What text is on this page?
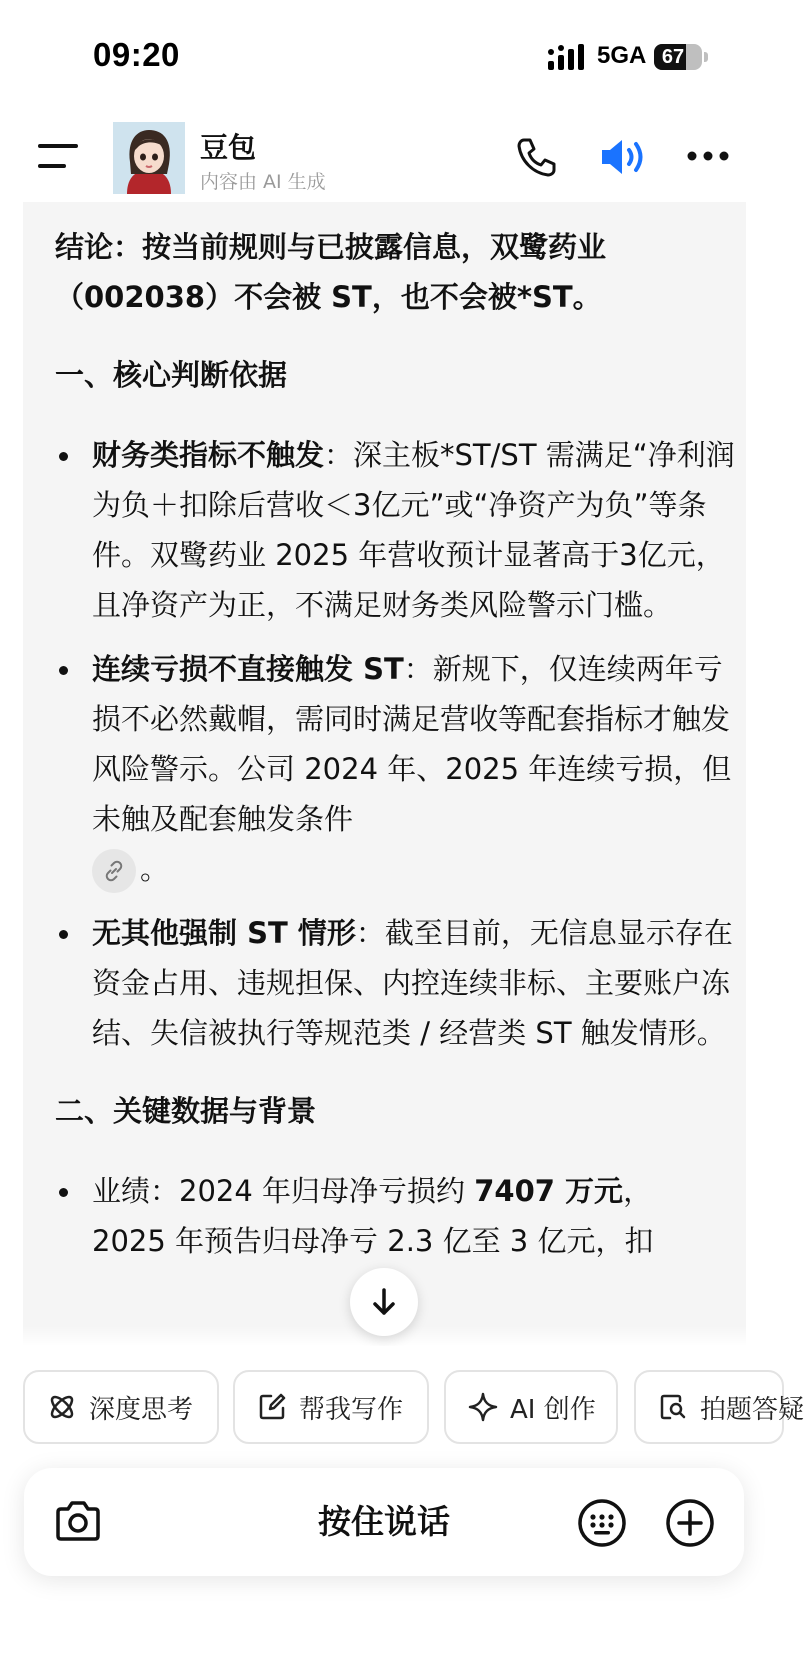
09:20	5GA 67
豆包
内容由 AI 生成

结论：按当前规则与已披露信息，双鹭药业（002038）不会被 ST，也不会被*ST。

一、核心判断依据

财务类指标不触发：深主板*ST/ST 需满足“净利润为负＋扣除后营收＜3亿元”或“净资产为负”等条件。双鹭药业 2025 年营收预计显著高于3亿元，且净资产为正，不满足财务类风险警示门槛。
连续亏损不直接触发 ST：新规下，仅连续两年亏损不必然戴帽，需同时满足营收等配套指标才触发风险警示。公司 2024 年、2025 年连续亏损，但未触及配套触发条件

。
无其他强制 ST 情形：截至目前，无信息显示存在资金占用、违规担保、内控连续非标、主要账户冻结、失信被执行等规范类 / 经营类 ST 触发情形。

二、关键数据与背景

业绩：2024 年归母净亏损约 7407 万元，
2025 年预告归母净亏 2.3 亿至 3 亿元，扣
深度思考	帮我写作	AI 创作	拍题答疑
按住说话
